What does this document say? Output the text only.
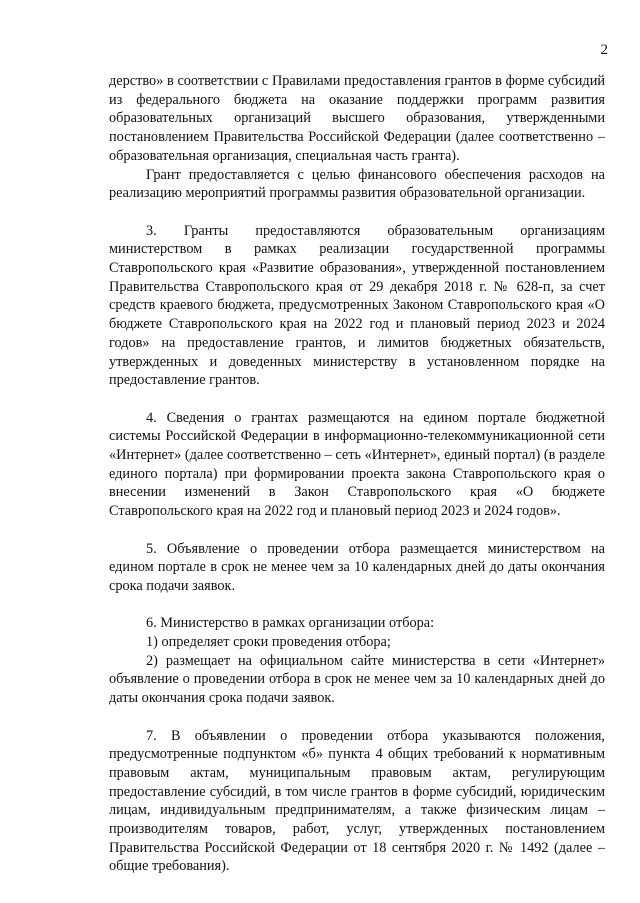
2

дерство» в соответствии с Правилами предоставления грантов в форме субсидий из федерального бюджета на оказание поддержки программ развития образовательных организаций высшего образования, утвержденными постановлением Правительства Российской Федерации (далее соответственно – образовательная организация, специальная часть гранта).

Грант предоставляется с целью финансового обеспечения расходов на реализацию мероприятий программы развития образовательной организации.

3. Гранты предоставляются образовательным организациям министерством в рамках реализации государственной программы Ставропольского края «Развитие образования», утвержденной постановлением Правительства Ставропольского края от 29 декабря 2018 г. № 628-п, за счет средств краевого бюджета, предусмотренных Законом Ставропольского края «О бюджете Ставропольского края на 2022 год и плановый период 2023 и 2024 годов» на предоставление грантов, и лимитов бюджетных обязательств, утвержденных и доведенных министерству в установленном порядке на предоставление грантов.

4. Сведения о грантах размещаются на едином портале бюджетной системы Российской Федерации в информационно-телекоммуникационной сети «Интернет» (далее соответственно – сеть «Интернет», единый портал) (в разделе единого портала) при формировании проекта закона Ставропольского края о внесении изменений в Закон Ставропольского края «О бюджете Ставропольского края на 2022 год и плановый период 2023 и 2024 годов».

5. Объявление о проведении отбора размещается министерством на едином портале в срок не менее чем за 10 календарных дней до даты окончания срока подачи заявок.

6. Министерство в рамках организации отбора:

1) определяет сроки проведения отбора;

2) размещает на официальном сайте министерства в сети «Интернет» объявление о проведении отбора в срок не менее чем за 10 календарных дней до даты окончания срока подачи заявок.

7. В объявлении о проведении отбора указываются положения, предусмотренные подпунктом «б» пункта 4 общих требований к нормативным правовым актам, муниципальным правовым актам, регулирующим предоставление субсидий, в том числе грантов в форме субсидий, юридическим лицам, индивидуальным предпринимателям, а также физическим лицам – производителям товаров, работ, услуг, утвержденных постановлением Правительства Российской Федерации от 18 сентября 2020 г. № 1492 (далее – общие требования).
